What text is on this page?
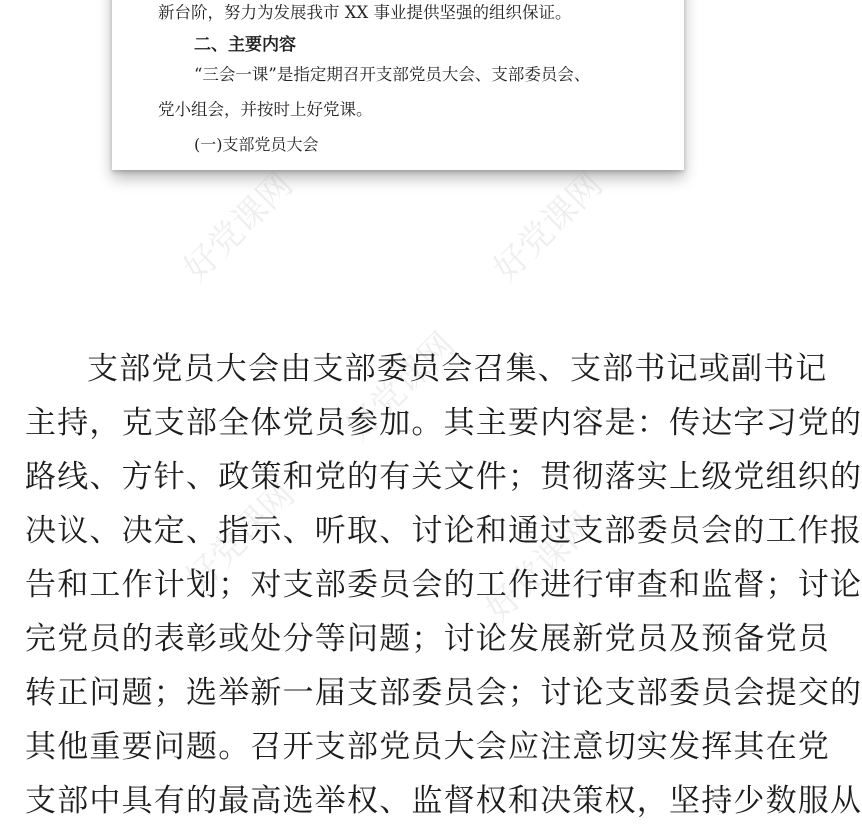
新台阶，努力为发展我市 XX 事业提供坚强的组织保证。
二、主要内容
“三会一课”是指定期召开支部党员大会、支部委员会、
党小组会，并按时上好党课。
(一)支部党员大会
好党课网	好党课网
好党课网
好党课网	好党课网
支部党员大会由支部委员会召集、支部书记或副书记
主持，克支部全体党员参加。其主要内容是：传达字习党的
路线、方针、政策和党的有关文件；贯彻落实上级党组织的
决议、决定、指示、听取、讨论和通过支部委员会的工作报
告和工作计划；对支部委员会的工作进行审查和监督；讨论
完党员的表彰或处分等问题；讨论发展新党员及预备党员
转正问题；选举新一届支部委员会；讨论支部委员会提交的
其他重要问题。召开支部党员大会应注意切实发挥其在党
支部中具有的最高选举权、监督权和决策权，坚持少数服从
